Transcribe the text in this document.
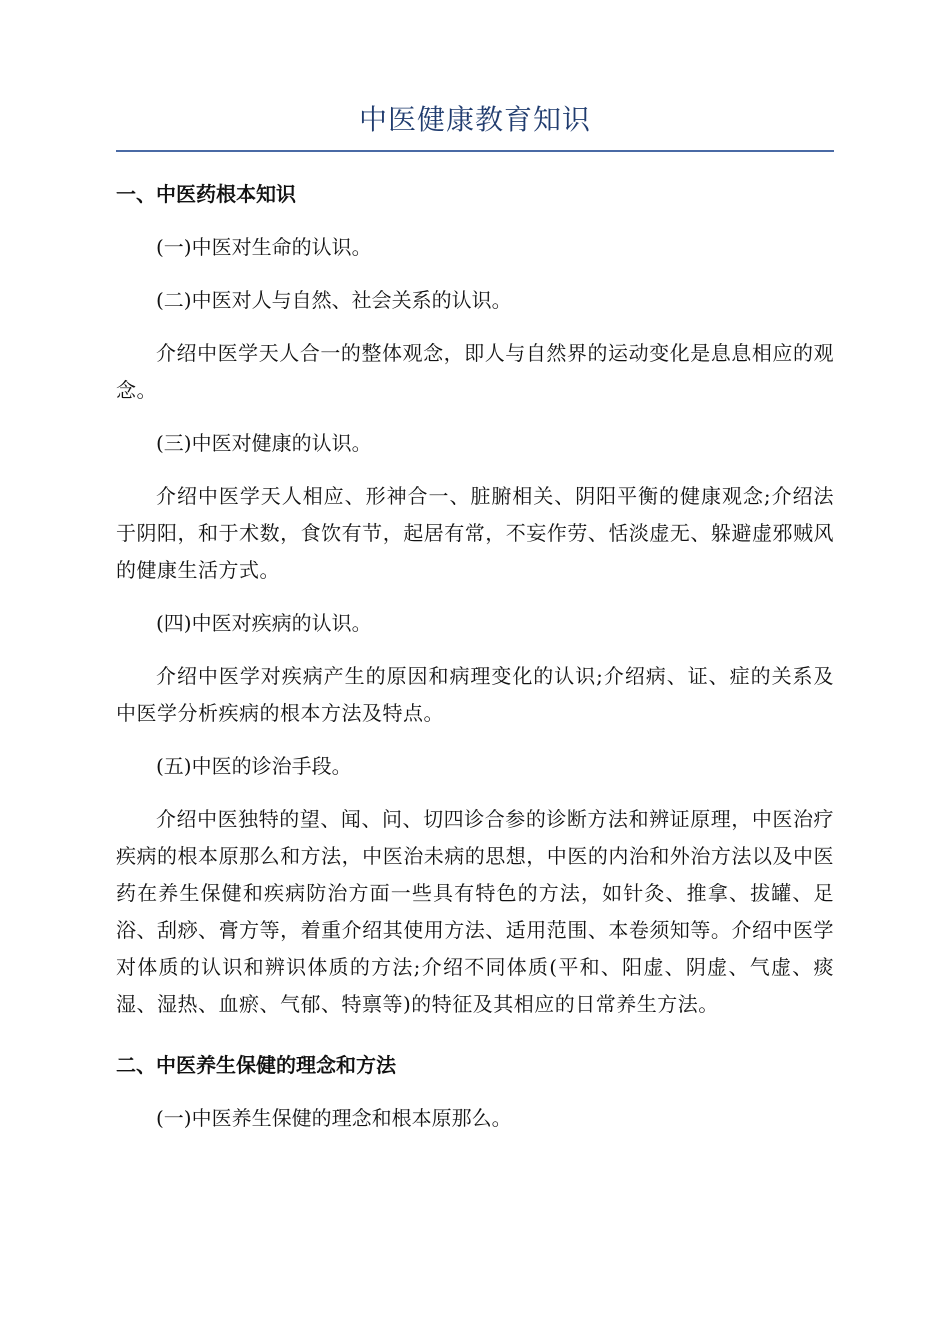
中医健康教育知识
一、中医药根本知识

(一)中医对生命的认识。

(二)中医对人与自然、社会关系的认识。

介绍中医学天人合一的整体观念，即人与自然界的运动变化是息息相应的观念。

(三)中医对健康的认识。

介绍中医学天人相应、形神合一、脏腑相关、阴阳平衡的健康观念;介绍法于阴阳，和于术数，食饮有节，起居有常，不妄作劳、恬淡虚无、躲避虚邪贼风的健康生活方式。

(四)中医对疾病的认识。

介绍中医学对疾病产生的原因和病理变化的认识;介绍病、证、症的关系及中医学分析疾病的根本方法及特点。

(五)中医的诊治手段。

介绍中医独特的望、闻、问、切四诊合参的诊断方法和辨证原理，中医治疗疾病的根本原那么和方法，中医治未病的思想，中医的内治和外治方法以及中医药在养生保健和疾病防治方面一些具有特色的方法，如针灸、推拿、拔罐、足浴、刮痧、膏方等，着重介绍其使用方法、适用范围、本卷须知等。介绍中医学对体质的认识和辨识体质的方法;介绍不同体质(平和、阳虚、阴虚、气虚、痰湿、湿热、血瘀、气郁、特禀等)的特征及其相应的日常养生方法。

二、中医养生保健的理念和方法

(一)中医养生保健的理念和根本原那么。
